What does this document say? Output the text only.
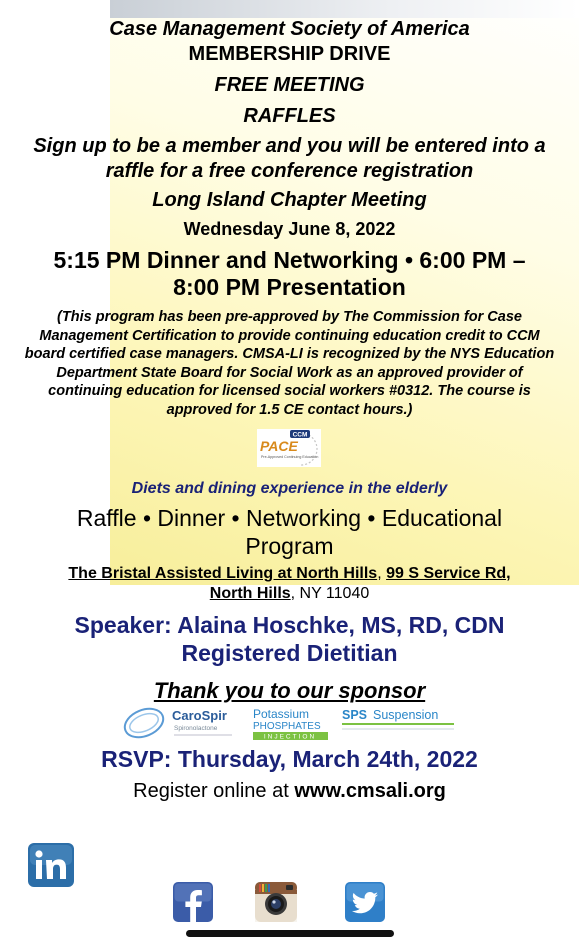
Case Management Society of America
MEMBERSHIP DRIVE
FREE MEETING
RAFFLES
Sign up to be a member and you will be entered into a raffle for a free conference registration
Long Island Chapter Meeting
Wednesday June 8, 2022
5:15 PM Dinner and Networking • 6:00 PM – 8:00 PM Presentation
(This program has been pre-approved by The Commission for Case Management Certification to provide continuing education credit to CCM board certified case managers. CMSA-LI is recognized by the NYS Education Department State Board for Social Work as an approved provider of continuing education for licensed social workers #0312. The course is approved for 1.5 CE contact hours.)
CCM
PACE
Pre-Approved Continuing Education
Diets and dining experience in the elderly
Raffle • Dinner • Networking • Educational Program
The Bristal Assisted Living at North Hills, 99 S Service Rd,
North Hills, NY 11040
Speaker: Alaina Hoschke, MS, RD, CDN
Registered Dietitian
Thank you to our sponsor
CaroSpir
Spironolactone
Potassium
PHOSPHATES
INJECTION
SPS Suspension
RSVP: Thursday, March 24th, 2022
Register online at www.cmsali.org
